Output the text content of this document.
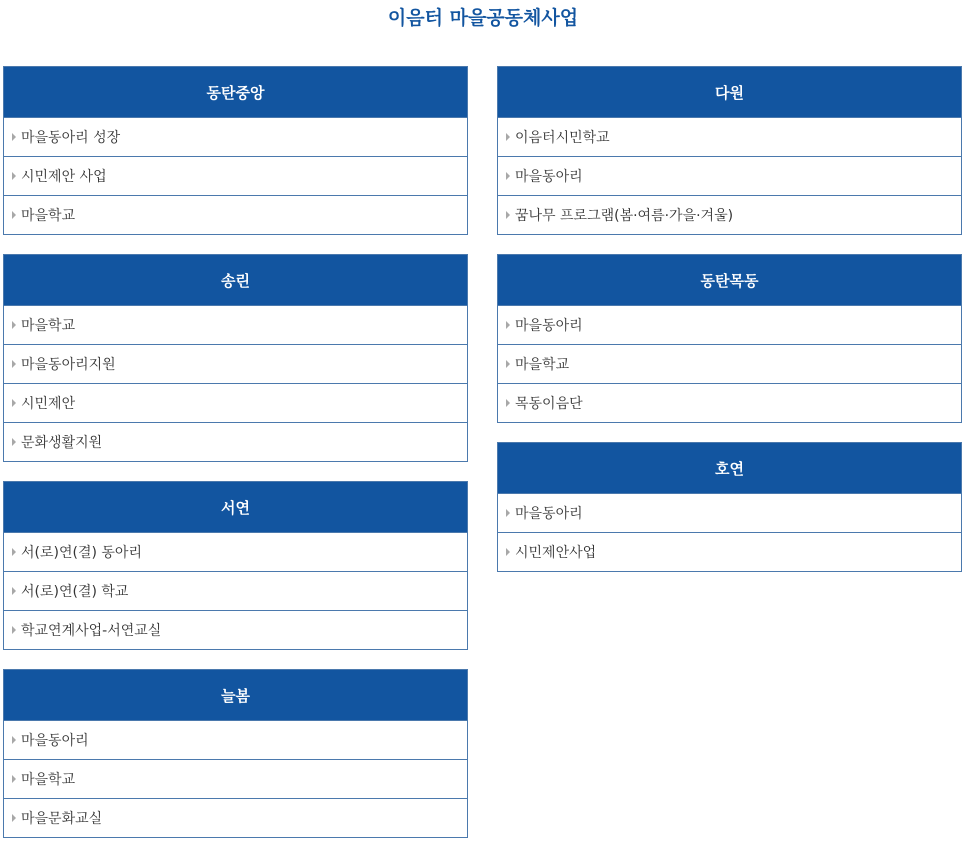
이음터 마을공동체사업
동탄중앙
마을동아리 성장
시민제안 사업
마을학교
송린
마을학교
마을동아리지원
시민제안
문화생활지원
서연
서(로)연(결) 동아리
서(로)연(결) 학교
학교연계사업-서연교실
늘봄
마을동아리
마을학교
마을문화교실
다원
이음터시민학교
마을동아리
꿈나무 프로그램(봄·여름·가을·겨울)
동탄목동
마을동아리
마을학교
목동이음단
호연
마을동아리
시민제안사업
